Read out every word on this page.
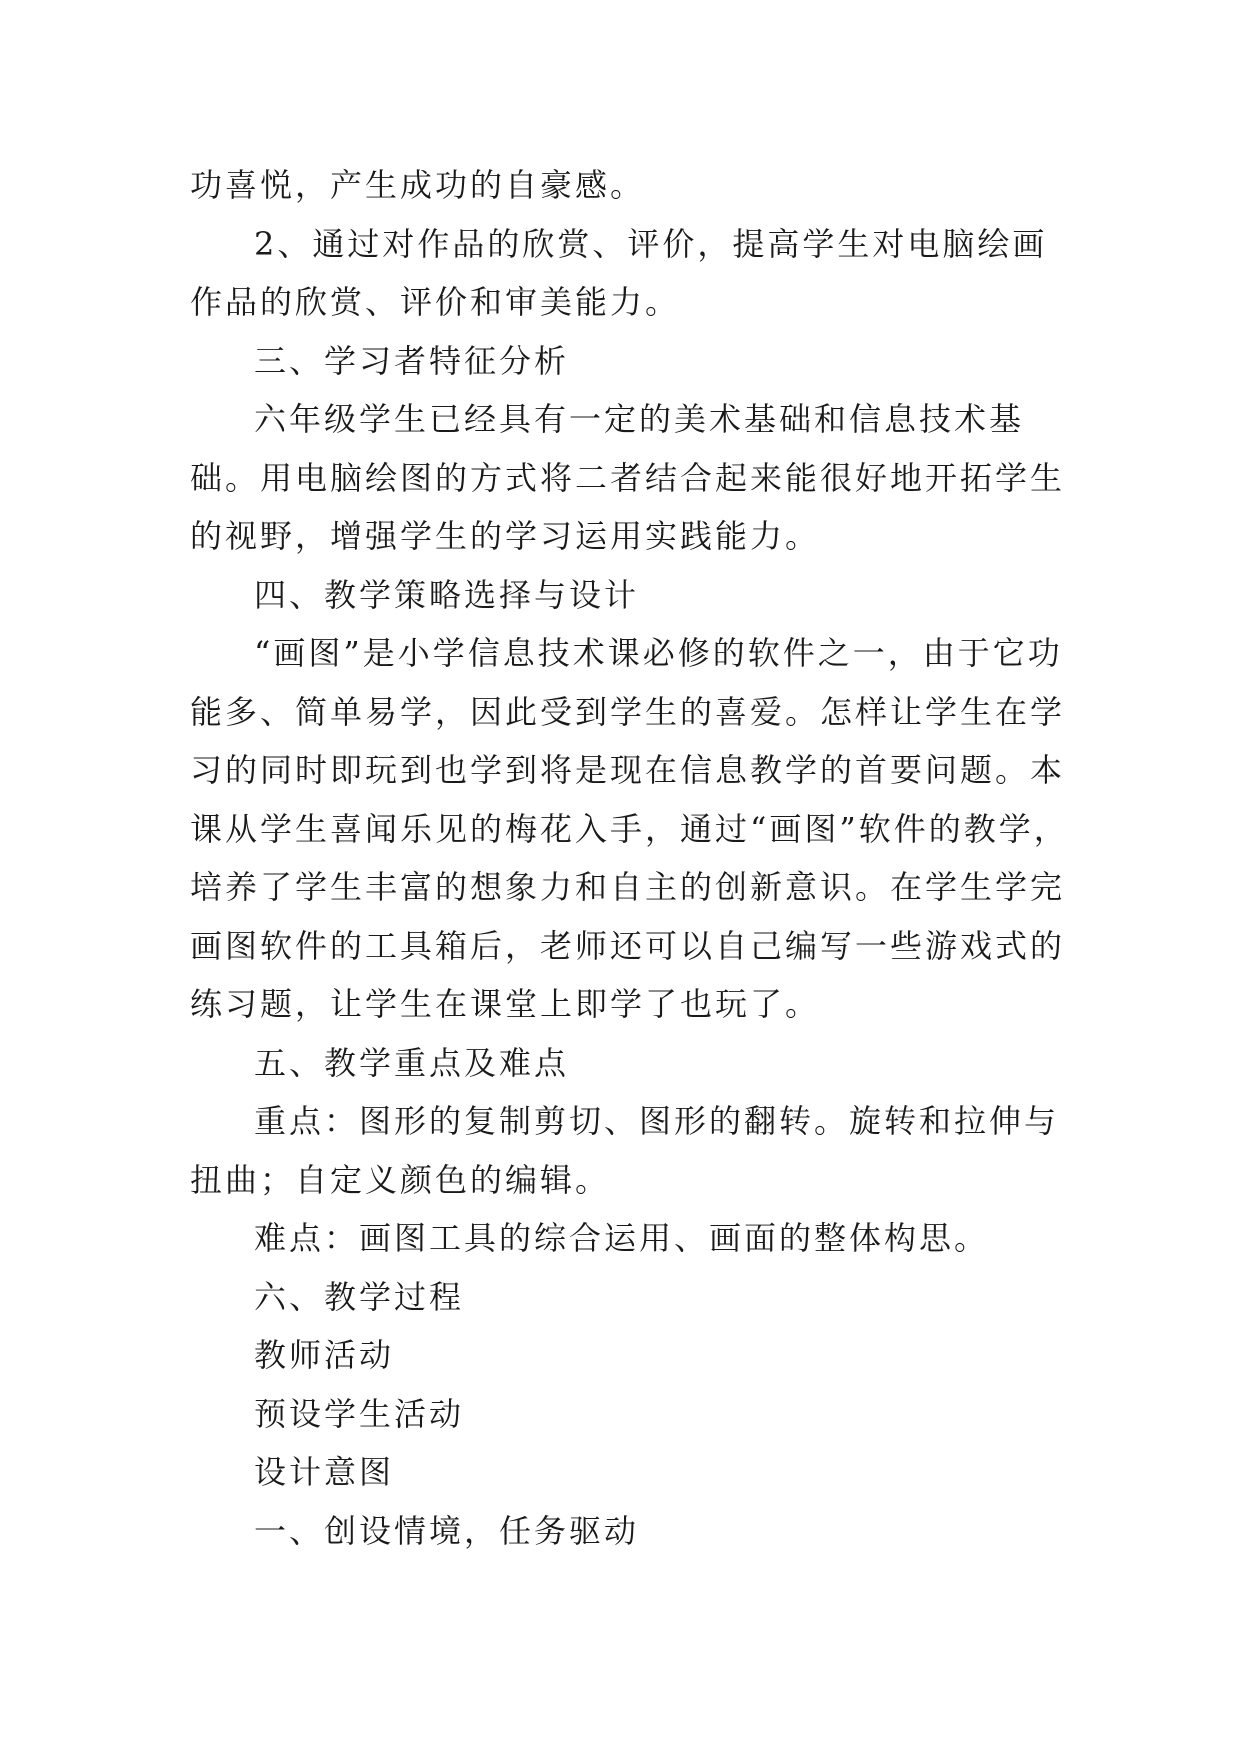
功喜悦，产生成功的自豪感。

2、通过对作品的欣赏、评价，提高学生对电脑绘画作品的欣赏、评价和审美能力。

三、学习者特征分析

六年级学生已经具有一定的美术基础和信息技术基础。用电脑绘图的方式将二者结合起来能很好地开拓学生的视野，增强学生的学习运用实践能力。

四、教学策略选择与设计

“画图”是小学信息技术课必修的软件之一，由于它功能多、简单易学，因此受到学生的喜爱。怎样让学生在学习的同时即玩到也学到将是现在信息教学的首要问题。本课从学生喜闻乐见的梅花入手，通过“画图”软件的教学，培养了学生丰富的想象力和自主的创新意识。在学生学完画图软件的工具箱后，老师还可以自己编写一些游戏式的练习题，让学生在课堂上即学了也玩了。

五、教学重点及难点

重点：图形的复制剪切、图形的翻转。旋转和拉伸与扭曲；自定义颜色的编辑。

难点：画图工具的综合运用、画面的整体构思。

六、教学过程

教师活动

预设学生活动

设计意图

一、创设情境，任务驱动
